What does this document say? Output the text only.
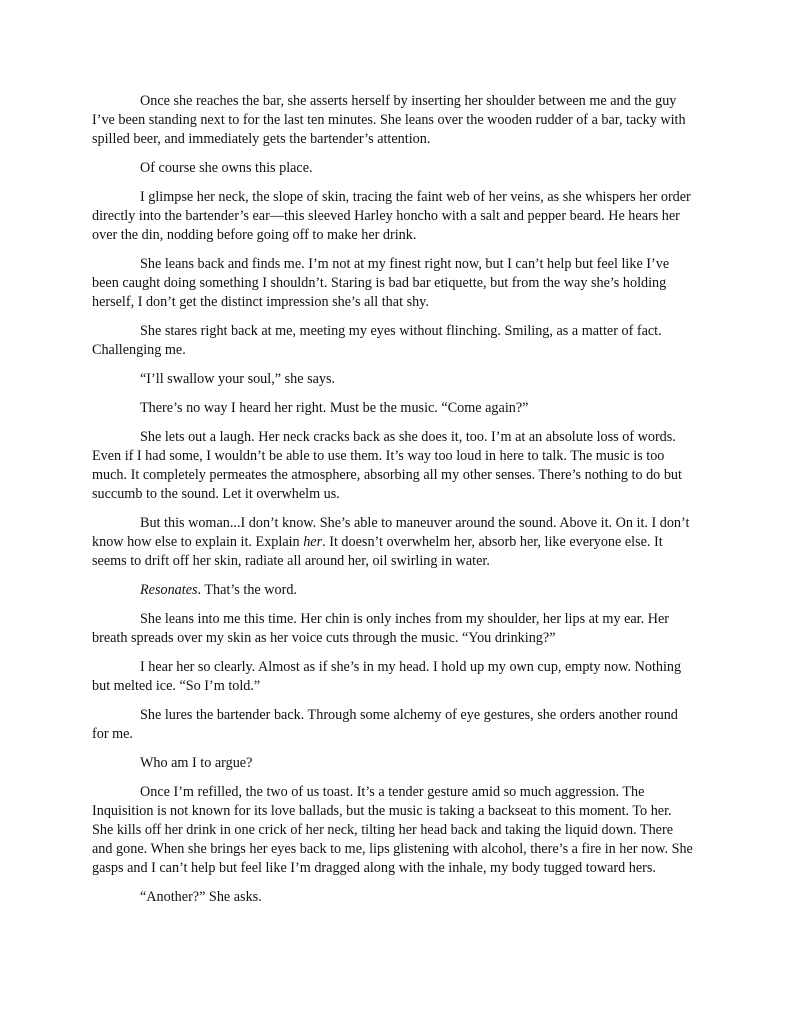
Once she reaches the bar, she asserts herself by inserting her shoulder between me and the guy I’ve been standing next to for the last ten minutes. She leans over the wooden rudder of a bar, tacky with spilled beer, and immediately gets the bartender’s attention.

Of course she owns this place.

I glimpse her neck, the slope of skin, tracing the faint web of her veins, as she whispers her order directly into the bartender’s ear—this sleeved Harley honcho with a salt and pepper beard. He hears her over the din, nodding before going off to make her drink.

She leans back and finds me. I’m not at my finest right now, but I can’t help but feel like I’ve been caught doing something I shouldn’t. Staring is bad bar etiquette, but from the way she’s holding herself, I don’t get the distinct impression she’s all that shy.

She stares right back at me, meeting my eyes without flinching. Smiling, as a matter of fact. Challenging me.

“I’ll swallow your soul,” she says.

There’s no way I heard her right. Must be the music. “Come again?”

She lets out a laugh. Her neck cracks back as she does it, too. I’m at an absolute loss of words. Even if I had some, I wouldn’t be able to use them. It’s way too loud in here to talk. The music is too much. It completely permeates the atmosphere, absorbing all my other senses. There’s nothing to do but succumb to the sound. Let it overwhelm us.

But this woman...I don’t know. She’s able to maneuver around the sound. Above it. On it. I don’t know how else to explain it. Explain her. It doesn’t overwhelm her, absorb her, like everyone else. It seems to drift off her skin, radiate all around her, oil swirling in water.

Resonates. That’s the word.

She leans into me this time. Her chin is only inches from my shoulder, her lips at my ear. Her breath spreads over my skin as her voice cuts through the music. “You drinking?”

I hear her so clearly. Almost as if she’s in my head. I hold up my own cup, empty now. Nothing but melted ice. “So I’m told.”

She lures the bartender back. Through some alchemy of eye gestures, she orders another round for me.

Who am I to argue?

Once I’m refilled, the two of us toast. It’s a tender gesture amid so much aggression. The Inquisition is not known for its love ballads, but the music is taking a backseat to this moment. To her. She kills off her drink in one crick of her neck, tilting her head back and taking the liquid down. There and gone. When she brings her eyes back to me, lips glistening with alcohol, there’s a fire in her now. She gasps and I can’t help but feel like I’m dragged along with the inhale, my body tugged toward hers.

“Another?” She asks.
